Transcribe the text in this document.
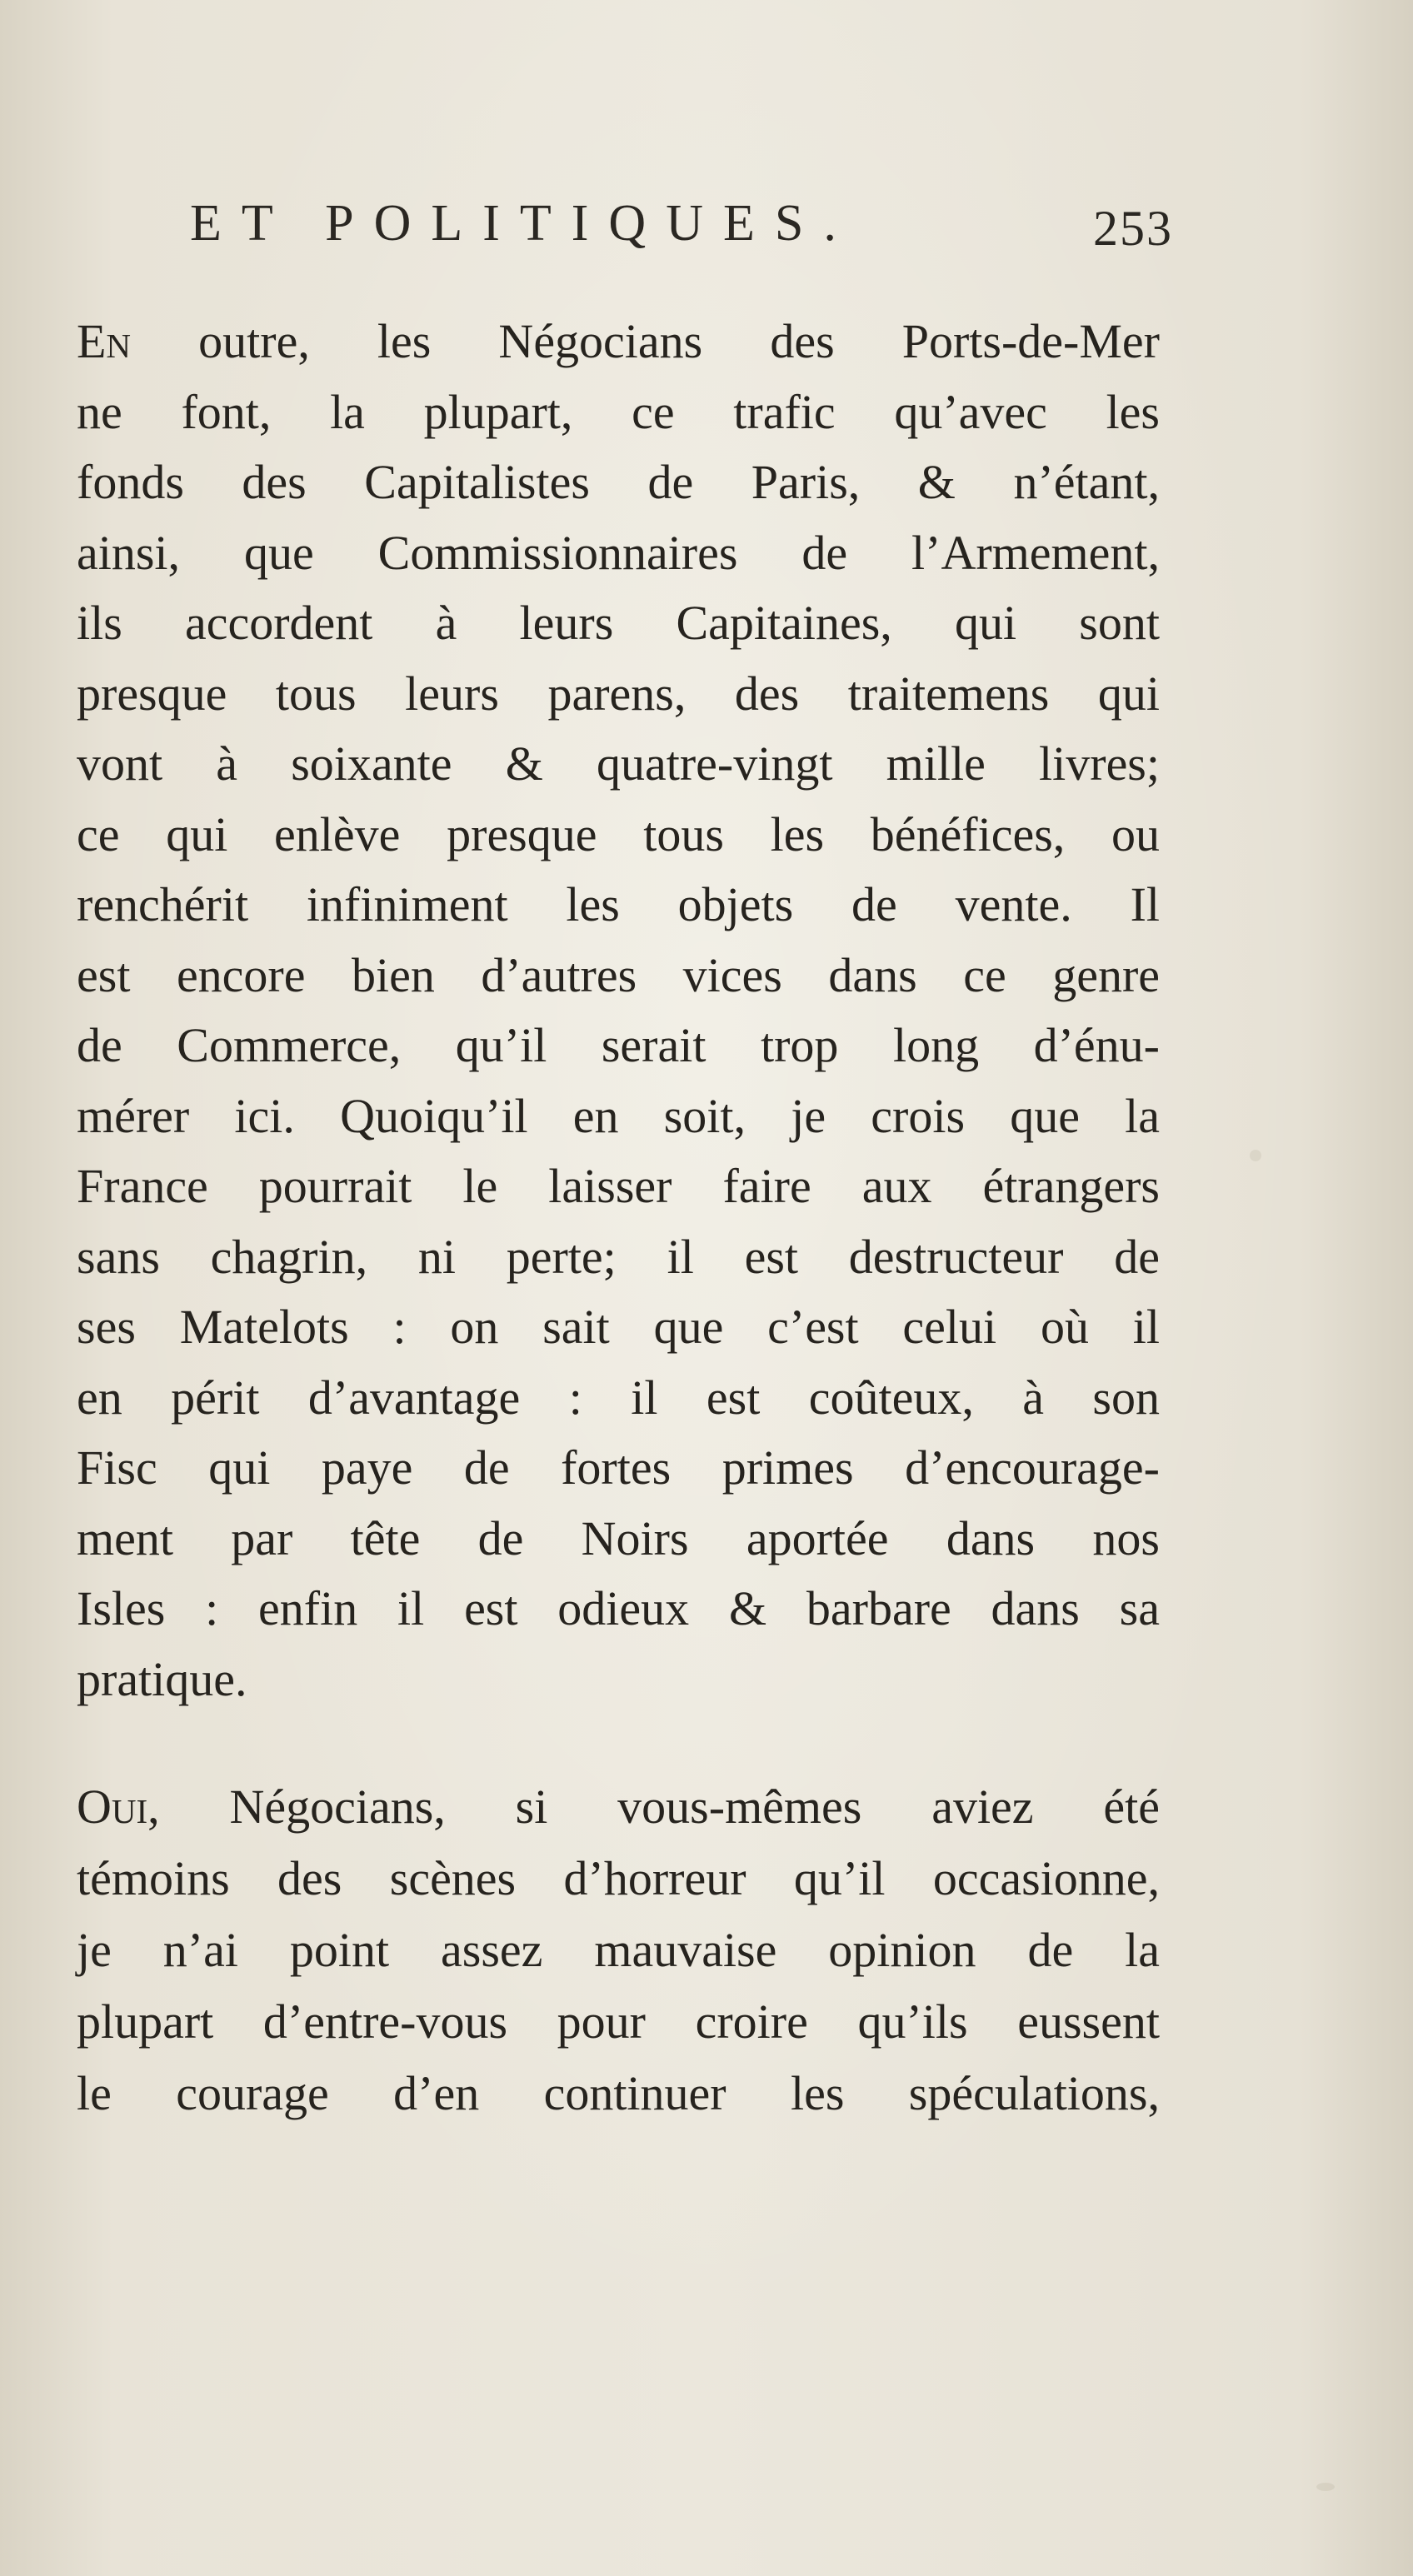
ET POLITIQUES.	253
En outre, les Négocians des Ports-de-Mer
ne font, la plupart, ce trafic qu’avec les
fonds des Capitalistes de Paris, & n’étant,
ainsi, que Commissionnaires de l’Armement,
ils accordent à leurs Capitaines, qui sont
presque tous leurs parens, des traitemens qui
vont à soixante & quatre-vingt mille livres;
ce qui enlève presque tous les bénéfices, ou
renchérit infiniment les objets de vente. Il
est encore bien d’autres vices dans ce genre
de Commerce, qu’il serait trop long d’énu-
mérer ici. Quoiqu’il en soit, je crois que la
France pourrait le laisser faire aux étrangers
sans chagrin, ni perte; il est destructeur de
ses Matelots : on sait que c’est celui où il
en périt d’avantage : il est coûteux, à son
Fisc qui paye de fortes primes d’encourage-
ment par tête de Noirs aportée dans nos
Isles : enfin il est odieux & barbare dans sa
pratique.
Oui, Négocians, si vous-mêmes aviez été
témoins des scènes d’horreur qu’il occasionne,
je n’ai point assez mauvaise opinion de la
plupart d’entre-vous pour croire qu’ils eussent
le courage d’en continuer les spéculations,
